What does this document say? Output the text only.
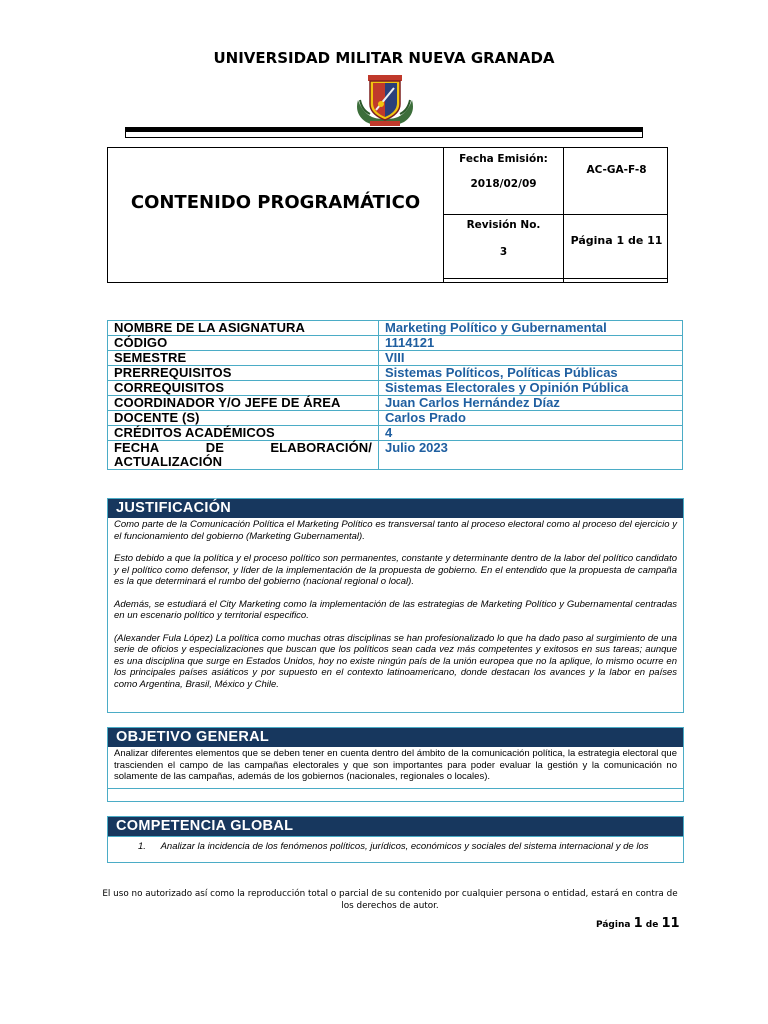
UNIVERSIDAD MILITAR NUEVA GRANADA
CONTENIDO PROGRAMÁTICO
Fecha Emisión:
2018/02/09
AC-GA-F-8
Revisión No.
3
Página 1 de 11
NOMBRE DE LA ASIGNATURA	Marketing Político y Gubernamental
CÓDIGO	1114121
SEMESTRE	VIII
PRERREQUISITOS	Sistemas Políticos, Políticas Públicas
CORREQUISITOS	Sistemas Electorales y Opinión Pública
COORDINADOR Y/O JEFE DE ÁREA	Juan Carlos Hernández Díaz
DOCENTE (S)	Carlos Prado
CRÉDITOS ACADÉMICOS	4

FECHA DE ELABORACIÓN/
ACTUALIZACIÓN	Julio 2023
JUSTIFICACIÓN

Como parte de la Comunicación Política el Marketing Político es transversal tanto al proceso electoral como al proceso del ejercicio y el funcionamiento del gobierno (Marketing Gubernamental).

Esto debido a que la política y el proceso político son permanentes, constante y determinante dentro de la labor del político candidato y el político como defensor, y líder de la implementación de la propuesta de gobierno. En el entendido que la propuesta de campaña es la que determinará el rumbo del gobierno (nacional regional o local).

Además, se estudiará el City Marketing como la implementación de las estrategias de Marketing Político y Gubernamental centradas en un escenario político y territorial especifico.

(Alexander Fula López) La política como muchas otras disciplinas se han profesionalizado lo que ha dado paso al surgimiento de una serie de oficios y especializaciones que buscan que los políticos sean cada vez más competentes y exitosos en sus tareas; aunque es una disciplina que surge en Estados Unidos, hoy no existe ningún país de la unión europea que no la aplique, lo mismo ocurre en los principales países asiáticos y por supuesto en el contexto latinoamericano, donde destacan los avances y la labor en países como Argentina, Brasil, México y Chile.

OBJETIVO GENERAL
Analizar diferentes elementos que se deben tener en cuenta dentro del ámbito de la comunicación política, la estrategia electoral que trascienden el campo de las campañas electorales y que son importantes para poder evaluar la gestión y la comunicación no solamente de las campañas, además de los gobiernos (nacionales, regionales o locales).
COMPETENCIA GLOBAL
1. Analizar la incidencia de los fenómenos políticos, jurídicos, económicos y sociales del sistema internacional y de los
El uso no autorizado así como la reproducción total o parcial de su contenido por cualquier persona o entidad, estará en contra de los derechos de autor.
Página 1 de 11
